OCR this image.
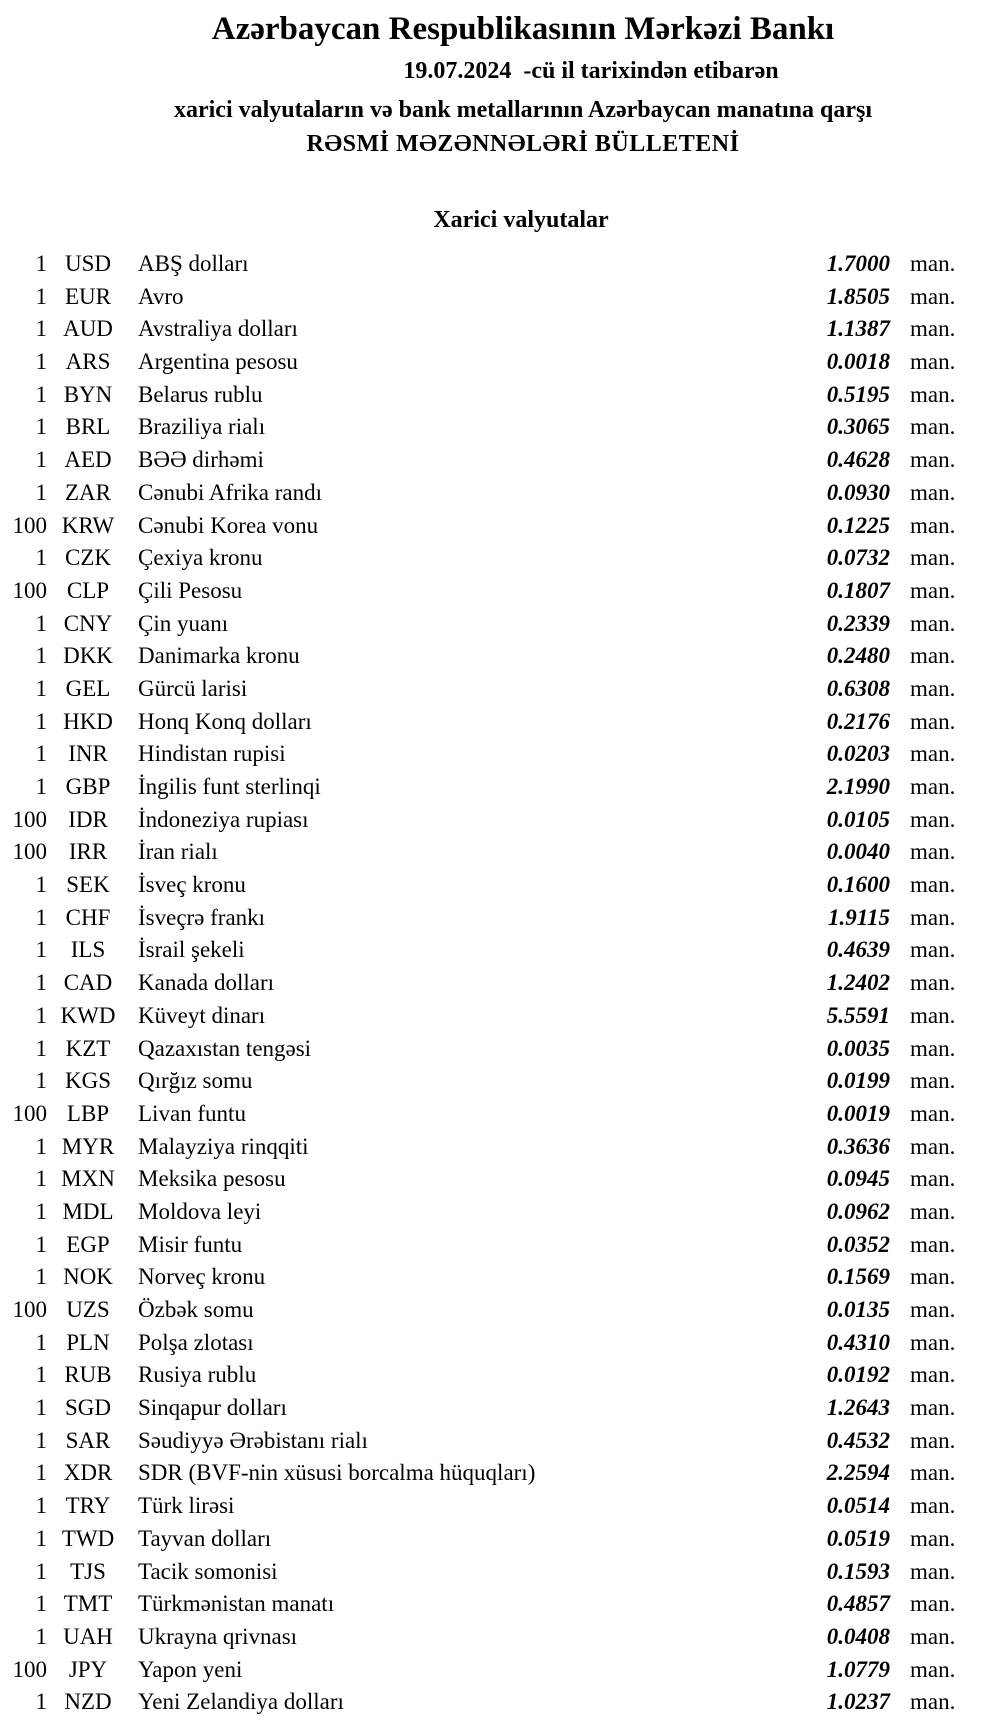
Azərbaycan Respublikasının Mərkəzi Bankı
19.07.2024  -cü il tarixindən etibarən
xarici valyutaların və bank metallarının Azərbaycan manatına qarşı
RƏSMİ MƏZƏNNƏLƏRİ BÜLLETENİ
Xarici valyutalar
1 USD	ABŞ dolları	1.7000 man.
1 EUR	Avro	1.8505 man.
1 AUD	Avstraliya dolları	1.1387 man.
1 ARS	Argentina pesosu	0.0018 man.
1 BYN	Belarus rublu	0.5195 man.
1 BRL	Braziliya rialı	0.3065 man.
1 AED	BƏƏ dirhəmi	0.4628 man.
1 ZAR	Cənubi Afrika randı	0.0930 man.
100 KRW	Cənubi Korea vonu	0.1225 man.
1 CZK	Çexiya kronu	0.0732 man.
100 CLP	Çili Pesosu	0.1807 man.
1 CNY	Çin yuanı	0.2339 man.
1 DKK	Danimarka kronu	0.2480 man.
1 GEL	Gürcü larisi	0.6308 man.
1 HKD	Honq Konq dolları	0.2176 man.
1 INR	Hindistan rupisi	0.0203 man.
1 GBP	İngilis funt sterlinqi	2.1990 man.
100 IDR	İndoneziya rupiası	0.0105 man.
100 IRR	İran rialı	0.0040 man.
1 SEK	İsveç kronu	0.1600 man.
1 CHF	İsveçrə frankı	1.9115 man.
1	ILS	İsrail şekeli	0.4639 man.
1 CAD	Kanada dolları	1.2402 man.
1 KWD Küveyt dinarı	5.5591 man.
1 KZT	Qazaxıstan tengəsi	0.0035 man.
1 KGS	Qırğız somu	0.0199 man.
100 LBP	Livan funtu	0.0019 man.
1 MYR	Malayziya rinqqiti	0.3636 man.
1 MXN	Meksika pesosu	0.0945 man.
1 MDL	Moldova leyi	0.0962 man.
1 EGP	Misir funtu	0.0352 man.
1 NOK	Norveç kronu	0.1569 man.
100 UZS	Özbək somu	0.0135 man.
1 PLN	Polşa zlotası	0.4310 man.
1 RUB	Rusiya rublu	0.0192 man.
1 SGD	Sinqapur dolları	1.2643 man.
1 SAR	Səudiyyə Ərəbistanı rialı	0.4532 man.
1 XDR	SDR (BVF-nin xüsusi borcalma hüquqları)	2.2594 man.
1 TRY	Türk lirəsi	0.0514 man.
1 TWD	Tayvan dolları	0.0519 man.
1	TJS	Tacik somonisi	0.1593 man.
1 TMT	Türkmənistan manatı	0.4857 man.
1 UAH	Ukrayna qrivnası	0.0408 man.
100 JPY	Yapon yeni	1.0779 man.
1 NZD	Yeni Zelandiya dolları	1.0237 man.
